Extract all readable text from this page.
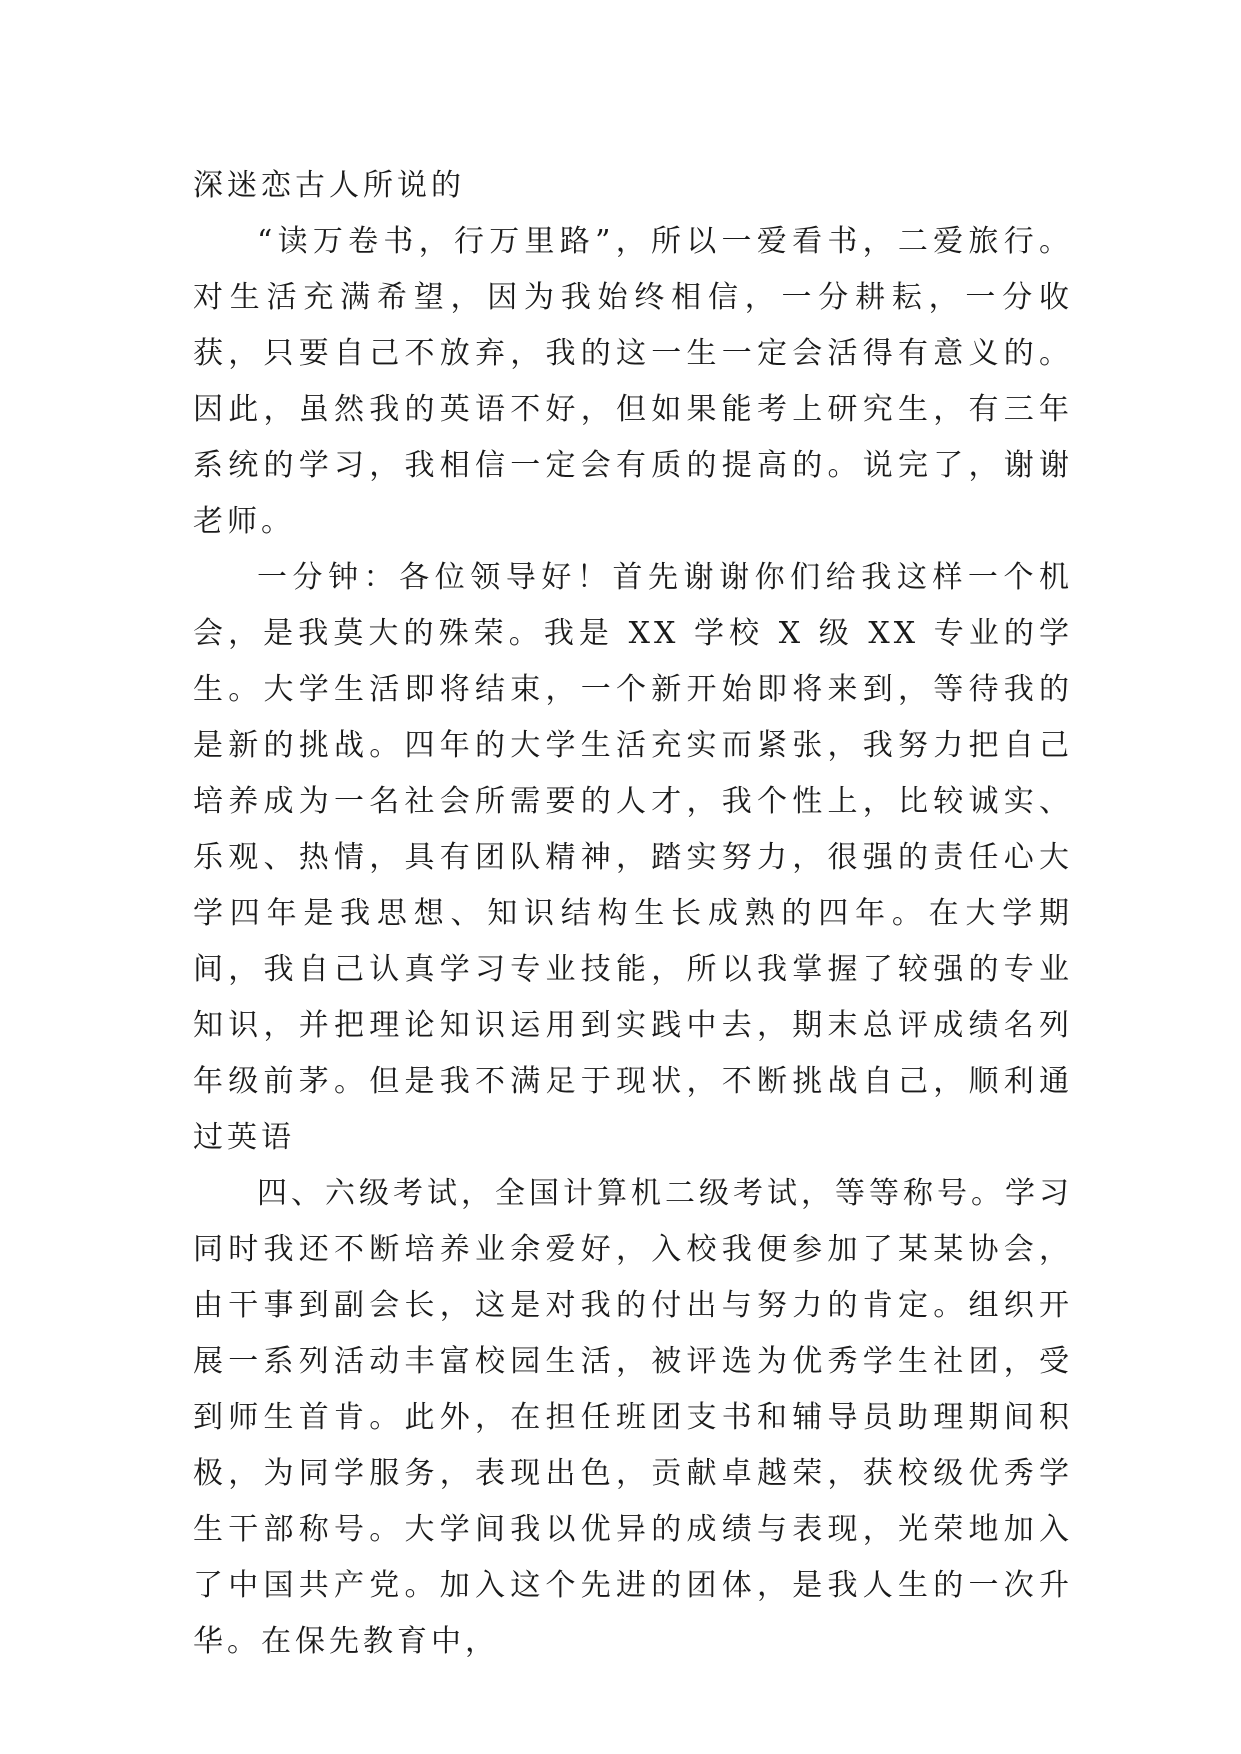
深迷恋古人所说的

“读万卷书，行万里路”，所以一爱看书，二爱旅行。对生活充满希望，因为我始终相信，一分耕耘，一分收获，只要自己不放弃，我的这一生一定会活得有意义的。因此，虽然我的英语不好，但如果能考上研究生，有三年系统的学习，我相信一定会有质的提高的。说完了，谢谢老师。

一分钟：各位领导好！首先谢谢你们给我这样一个机会，是我莫大的殊荣。我是 XX 学校 X 级 XX 专业的学生。大学生活即将结束，一个新开始即将来到，等待我的是新的挑战。四年的大学生活充实而紧张，我努力把自己培养成为一名社会所需要的人才，我个性上，比较诚实、乐观、热情，具有团队精神，踏实努力，很强的责任心大学四年是我思想、知识结构生长成熟的四年。在大学期间，我自己认真学习专业技能，所以我掌握了较强的专业知识，并把理论知识运用到实践中去，期末总评成绩名列年级前茅。但是我不满足于现状，不断挑战自己，顺利通过英语

四、六级考试，全国计算机二级考试，等等称号。学习同时我还不断培养业余爱好，入校我便参加了某某协会，由干事到副会长，这是对我的付出与努力的肯定。组织开展一系列活动丰富校园生活，被评选为优秀学生社团，受到师生首肯。此外，在担任班团支书和辅导员助理期间积极，为同学服务，表现出色，贡献卓越荣，获校级优秀学生干部称号。大学间我以优异的成绩与表现，光荣地加入了中国共产党。加入这个先进的团体，是我人生的一次升华。在保先教育中，
